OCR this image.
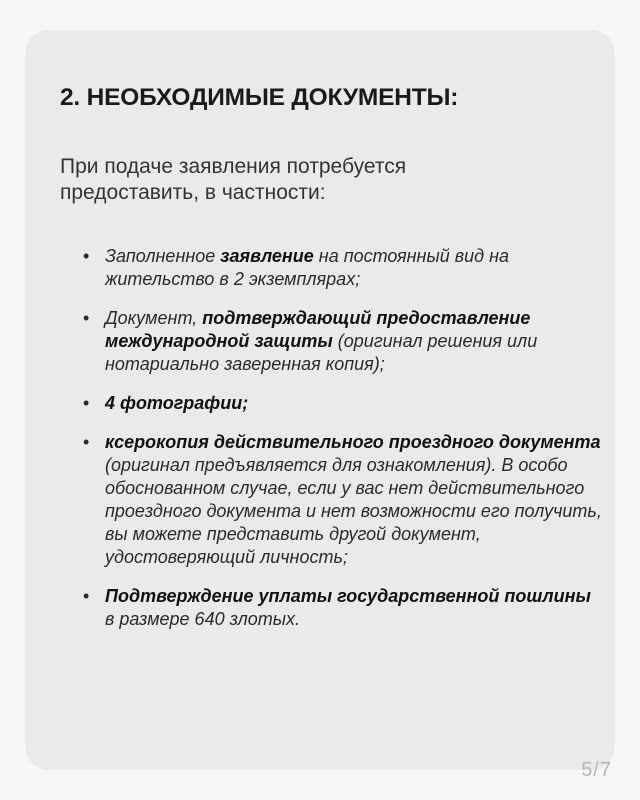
2. НЕОБХОДИМЫЕ ДОКУМЕНТЫ:

При подаче заявления потребуется предоставить, в частности:

• Заполненное заявление на постоянный вид на жительство в 2 экземплярах;
• Документ, подтверждающий предоставление международной защиты (оригинал решения или нотариально заверенная копия);
• 4 фотографии;
• ксерокопия действительного проездного документа (оригинал предъявляется для ознакомления). В особо обоснованном случае, если у вас нет действительного проездного документа и нет возможности его получить, вы можете представить другой документ, удостоверяющий личность;
• Подтверждение уплаты государственной пошлины в размере 640 злотых.
5/7
